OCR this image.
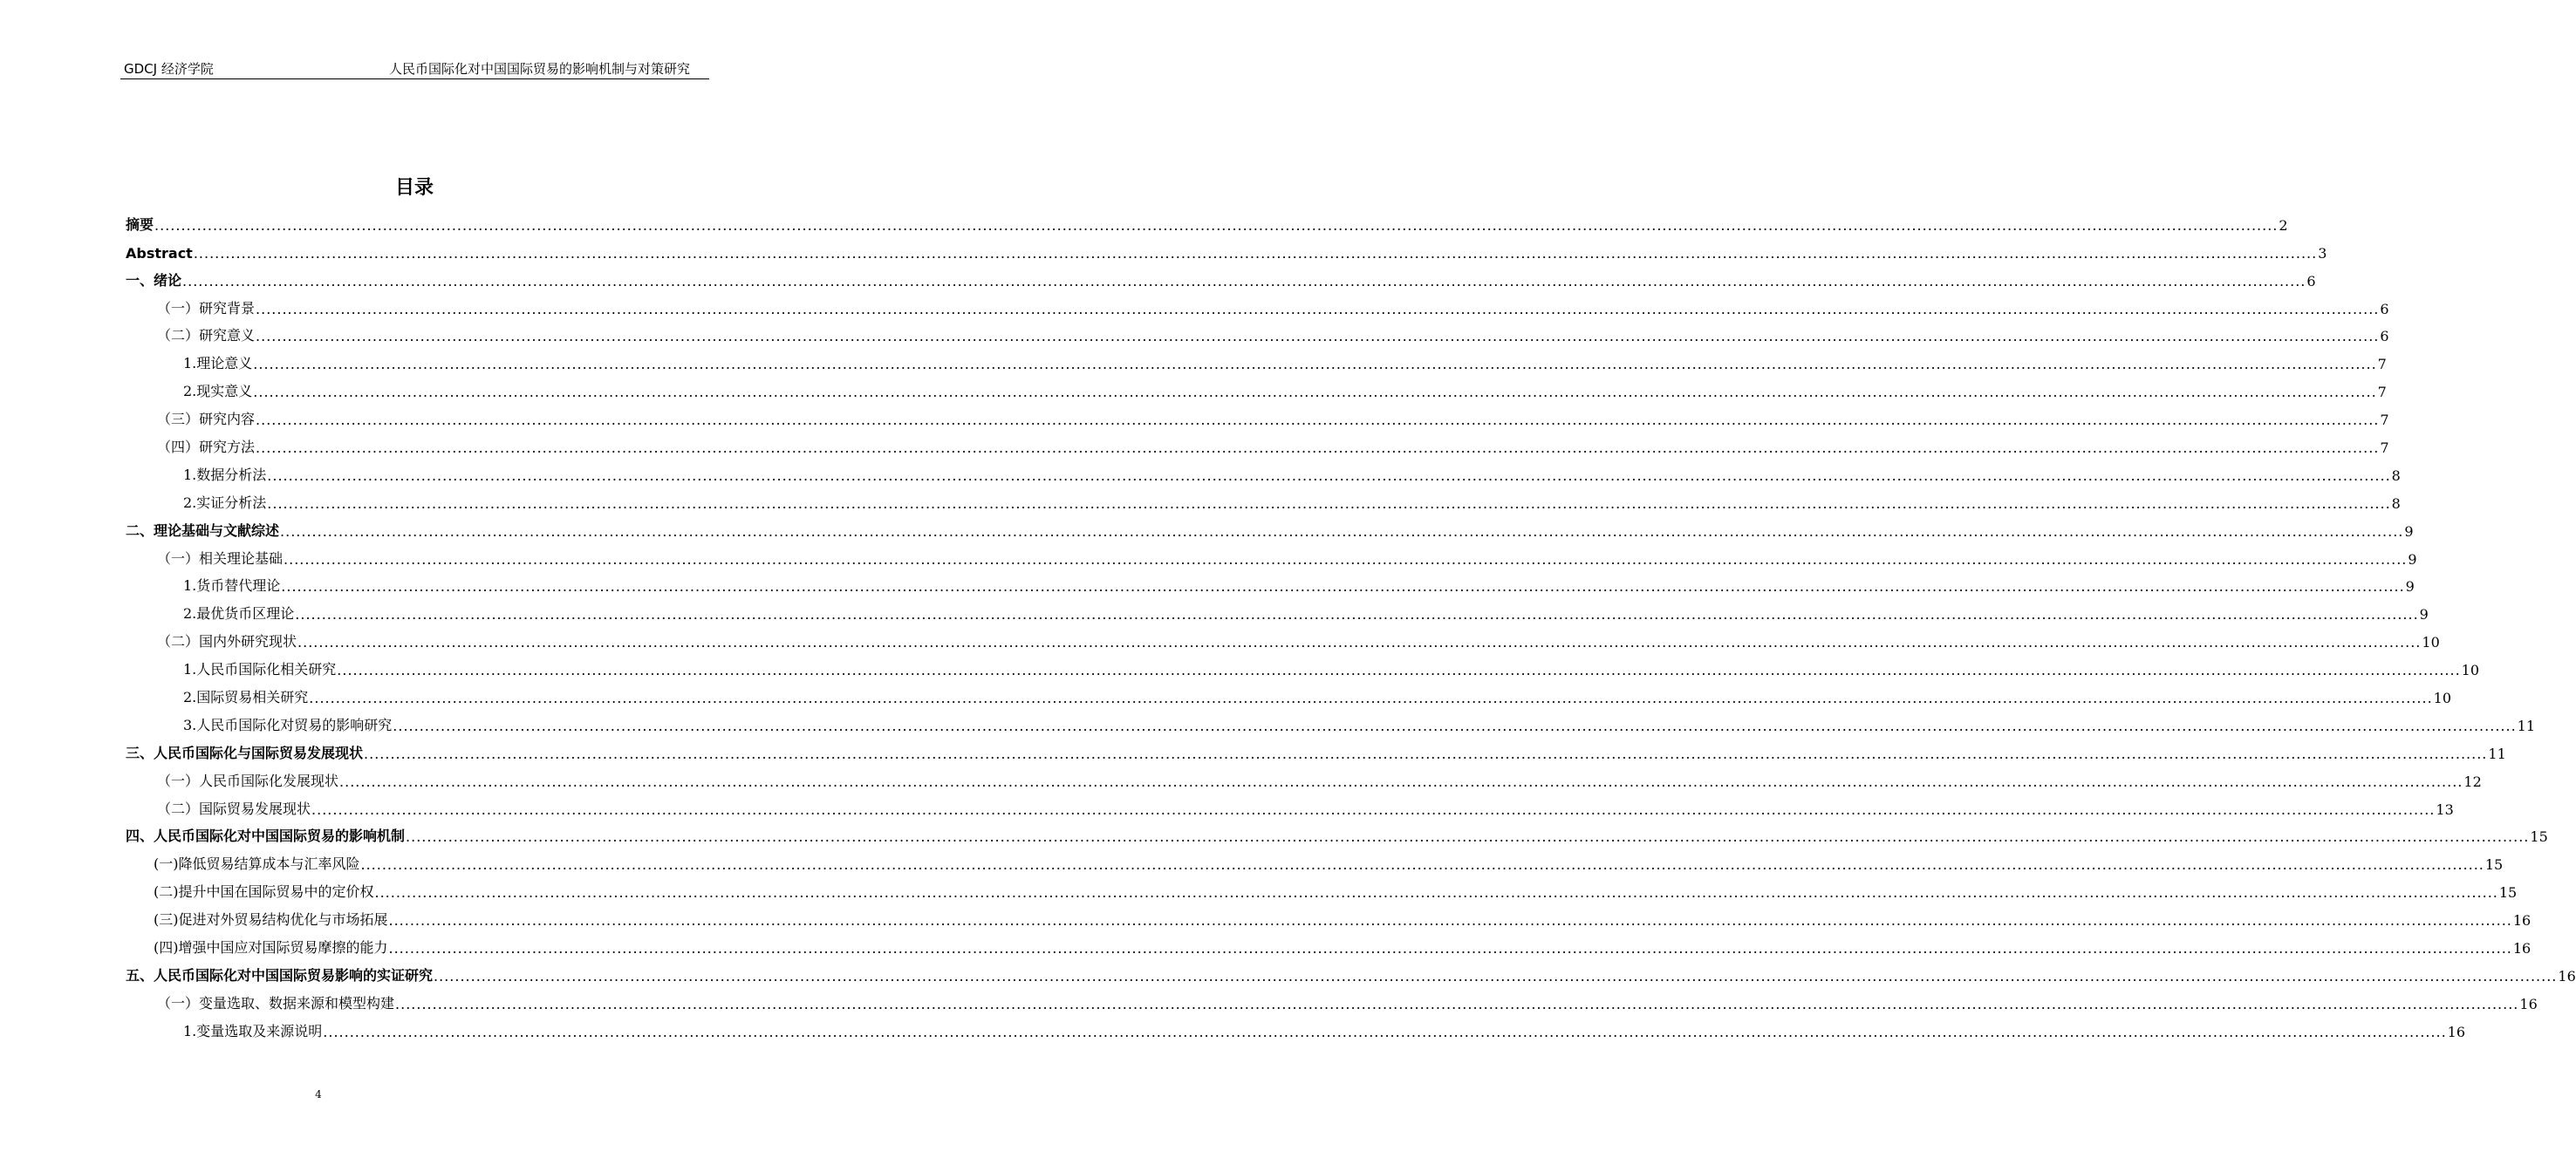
GDCJ 经济学院	人民币国际化对中国国际贸易的影响机制与对策研究
目录
摘要 ................................................................................................................................................................................................................................................................................................................................................................................................................ 2
Abstract ................................................................................................................................................................................................................................................................................................................................................................................................................ 3
一、绪论 ................................................................................................................................................................................................................................................................................................................................................................................................................ 6
（一）研究背景 ................................................................................................................................................................................................................................................................................................................................................................................................................ 6
（二）研究意义 ................................................................................................................................................................................................................................................................................................................................................................................................................ 6
1.理论意义 ................................................................................................................................................................................................................................................................................................................................................................................................................ 7
2.现实意义 ................................................................................................................................................................................................................................................................................................................................................................................................................ 7
（三）研究内容 ................................................................................................................................................................................................................................................................................................................................................................................................................ 7
（四）研究方法 ................................................................................................................................................................................................................................................................................................................................................................................................................ 7
1.数据分析法 ................................................................................................................................................................................................................................................................................................................................................................................................................ 8
2.实证分析法 ................................................................................................................................................................................................................................................................................................................................................................................................................ 8
二、理论基础与文献综述 ................................................................................................................................................................................................................................................................................................................................................................................................................ 9
（一）相关理论基础 ................................................................................................................................................................................................................................................................................................................................................................................................................ 9
1.货币替代理论 ................................................................................................................................................................................................................................................................................................................................................................................................................ 9
2.最优货币区理论 ................................................................................................................................................................................................................................................................................................................................................................................................................ 9
（二）国内外研究现状 ................................................................................................................................................................................................................................................................................................................................................................................................................ 10
1.人民币国际化相关研究 ................................................................................................................................................................................................................................................................................................................................................................................................................ 10
2.国际贸易相关研究 ................................................................................................................................................................................................................................................................................................................................................................................................................ 10
3.人民币国际化对贸易的影响研究 ................................................................................................................................................................................................................................................................................................................................................................................................................ 11
三、人民币国际化与国际贸易发展现状 ................................................................................................................................................................................................................................................................................................................................................................................................................ 11
（一）人民币国际化发展现状 ................................................................................................................................................................................................................................................................................................................................................................................................................ 12
（二）国际贸易发展现状 ................................................................................................................................................................................................................................................................................................................................................................................................................ 13
四、人民币国际化对中国国际贸易的影响机制 ................................................................................................................................................................................................................................................................................................................................................................................................................ 15
(一)降低贸易结算成本与汇率风险 ................................................................................................................................................................................................................................................................................................................................................................................................................ 15
(二)提升中国在国际贸易中的定价权 ................................................................................................................................................................................................................................................................................................................................................................................................................ 15
(三)促进对外贸易结构优化与市场拓展 ................................................................................................................................................................................................................................................................................................................................................................................................................ 16
(四)增强中国应对国际贸易摩擦的能力 ................................................................................................................................................................................................................................................................................................................................................................................................................ 16
五、人民币国际化对中国国际贸易影响的实证研究 ................................................................................................................................................................................................................................................................................................................................................................................................................ 16
（一）变量选取、数据来源和模型构建 ................................................................................................................................................................................................................................................................................................................................................................................................................ 16
1.变量选取及来源说明 ................................................................................................................................................................................................................................................................................................................................................................................................................ 16
4
